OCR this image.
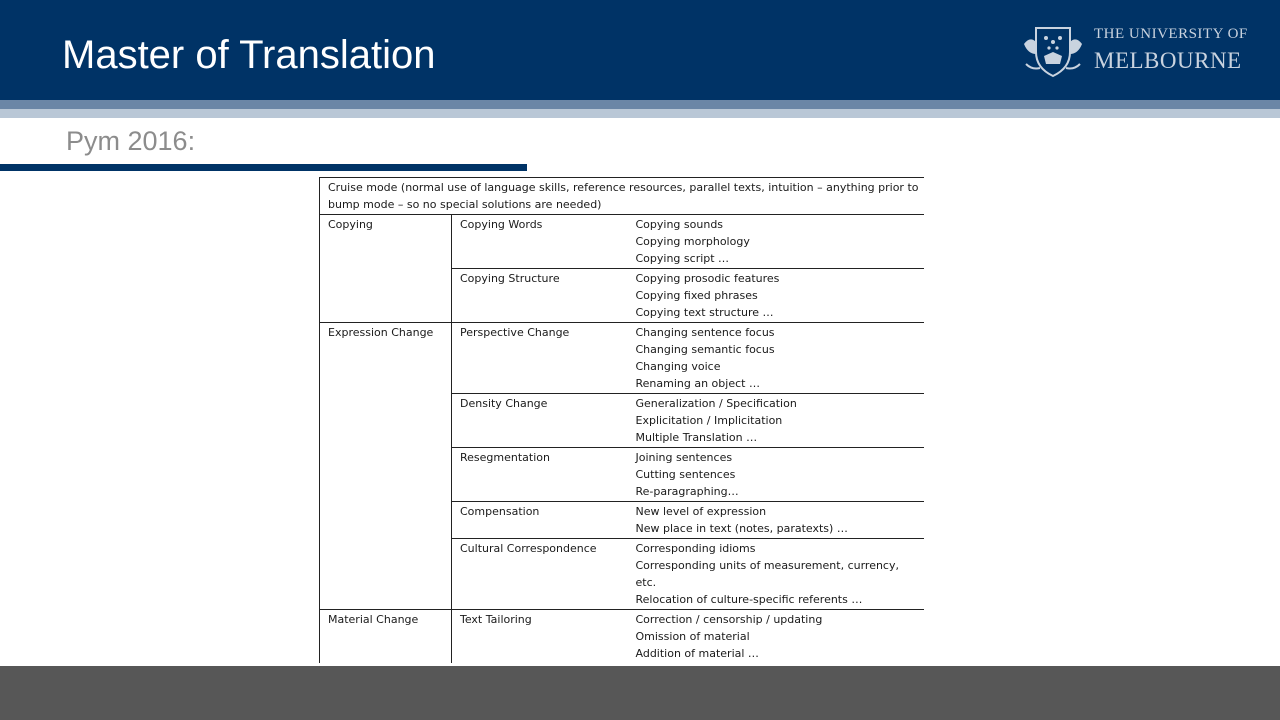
Master of Translation	THE UNIVERSITY OF
MELBOURNE
Pym 2016:
Cruise mode (normal use of language skills, reference resources, parallel texts, intuition – anything prior to bump mode – so no special solutions are needed)		
Copying	Copying Words	Copying sounds
Copying morphology
Copying script …

	Copying Structure	Copying prosodic features
Copying fixed phrases
Copying text structure …

Expression Change	Perspective Change	Changing sentence focus
Changing semantic focus
Changing voice
Renaming an object …

	Density Change	Generalization / Specification
Explicitation / Implicitation
Multiple Translation …

	Resegmentation	Joining sentences
Cutting sentences
Re-paragraphing…

	Compensation	New level of expression
New place in text (notes, paratexts) …

	Cultural Correspondence	Corresponding idioms
Corresponding units of measurement, currency,
etc.
Relocation of culture-specific referents …

Material Change	Text Tailoring	Correction / censorship / updating
Omission of material
Addition of material …
